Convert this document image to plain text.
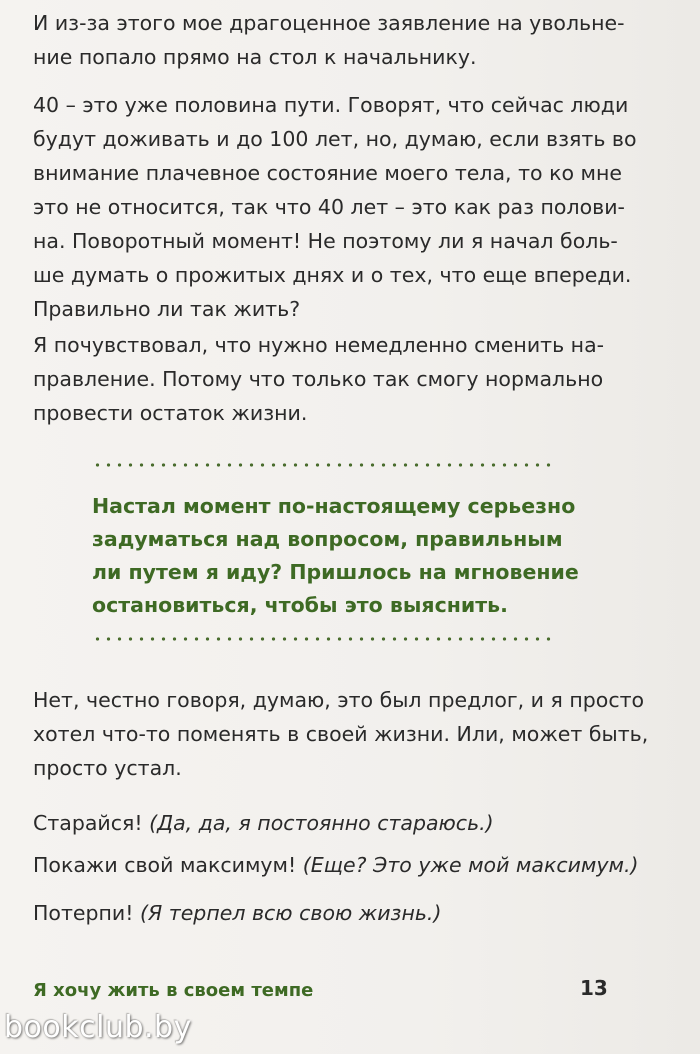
И из-за этого мое драгоценное заявление на увольне-
ние попало прямо на стол к начальнику.
40 – это уже половина пути. Говорят, что сейчас люди
будут доживать и до 100 лет, но, думаю, если взять во
внимание плачевное состояние моего тела, то ко мне
это не относится, так что 40 лет – это как раз полови-
на. Поворотный момент! Не поэтому ли я начал боль-
ше думать о прожитых днях и о тех, что еще впереди.
Правильно ли так жить?
Я почувствовал, что нужно немедленно сменить на-
правление. Потому что только так смогу нормально
провести остаток жизни.
Настал момент по-настоящему серьезно
задуматься над вопросом, правильным
ли путем я иду? Пришлось на мгновение
остановиться, чтобы это выяснить.
Нет, честно говоря, думаю, это был предлог, и я просто
хотел что-то поменять в своей жизни. Или, может быть,
просто устал.

Старайся! (Да, да, я постоянно стараюсь.)

Покажи свой максимум! (Еще? Это уже мой максимум.)

Потерпи! (Я терпел всю свою жизнь.)

Я хочу жить в своем темпе	13
bookclub.by
